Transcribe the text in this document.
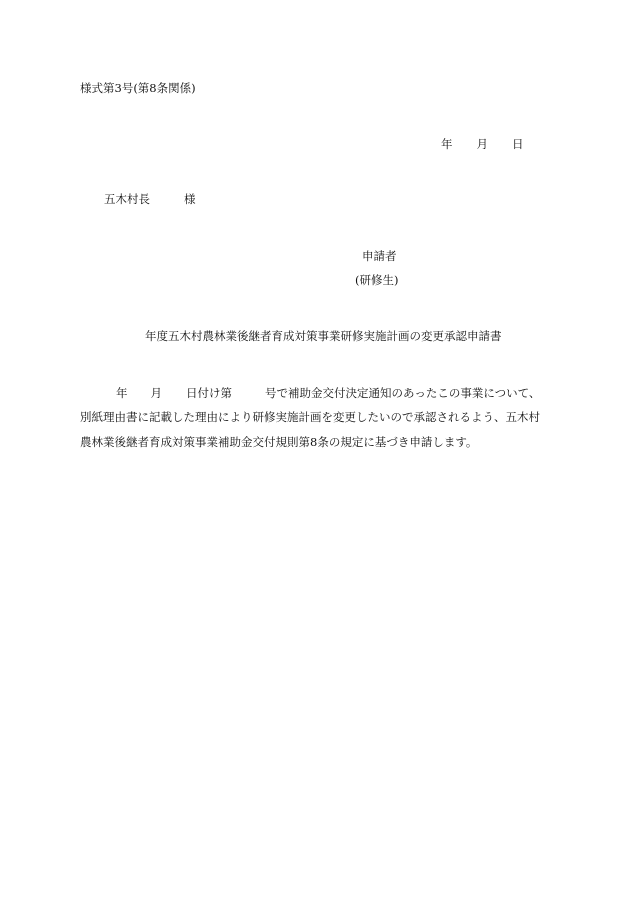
様式第3号(第8条関係)
年 月 日
五木村長	様
申請者
(研修生)
年度五木村農林業後継者育成対策事業研修実施計画の変更承認申請書
年 月 日付け第	号で補助金交付決定通知のあったこの事業について、
別紙理由書に記載した理由により研修実施計画を変更したいので承認されるよう、五木村
農林業後継者育成対策事業補助金交付規則第8条の規定に基づき申請します。
